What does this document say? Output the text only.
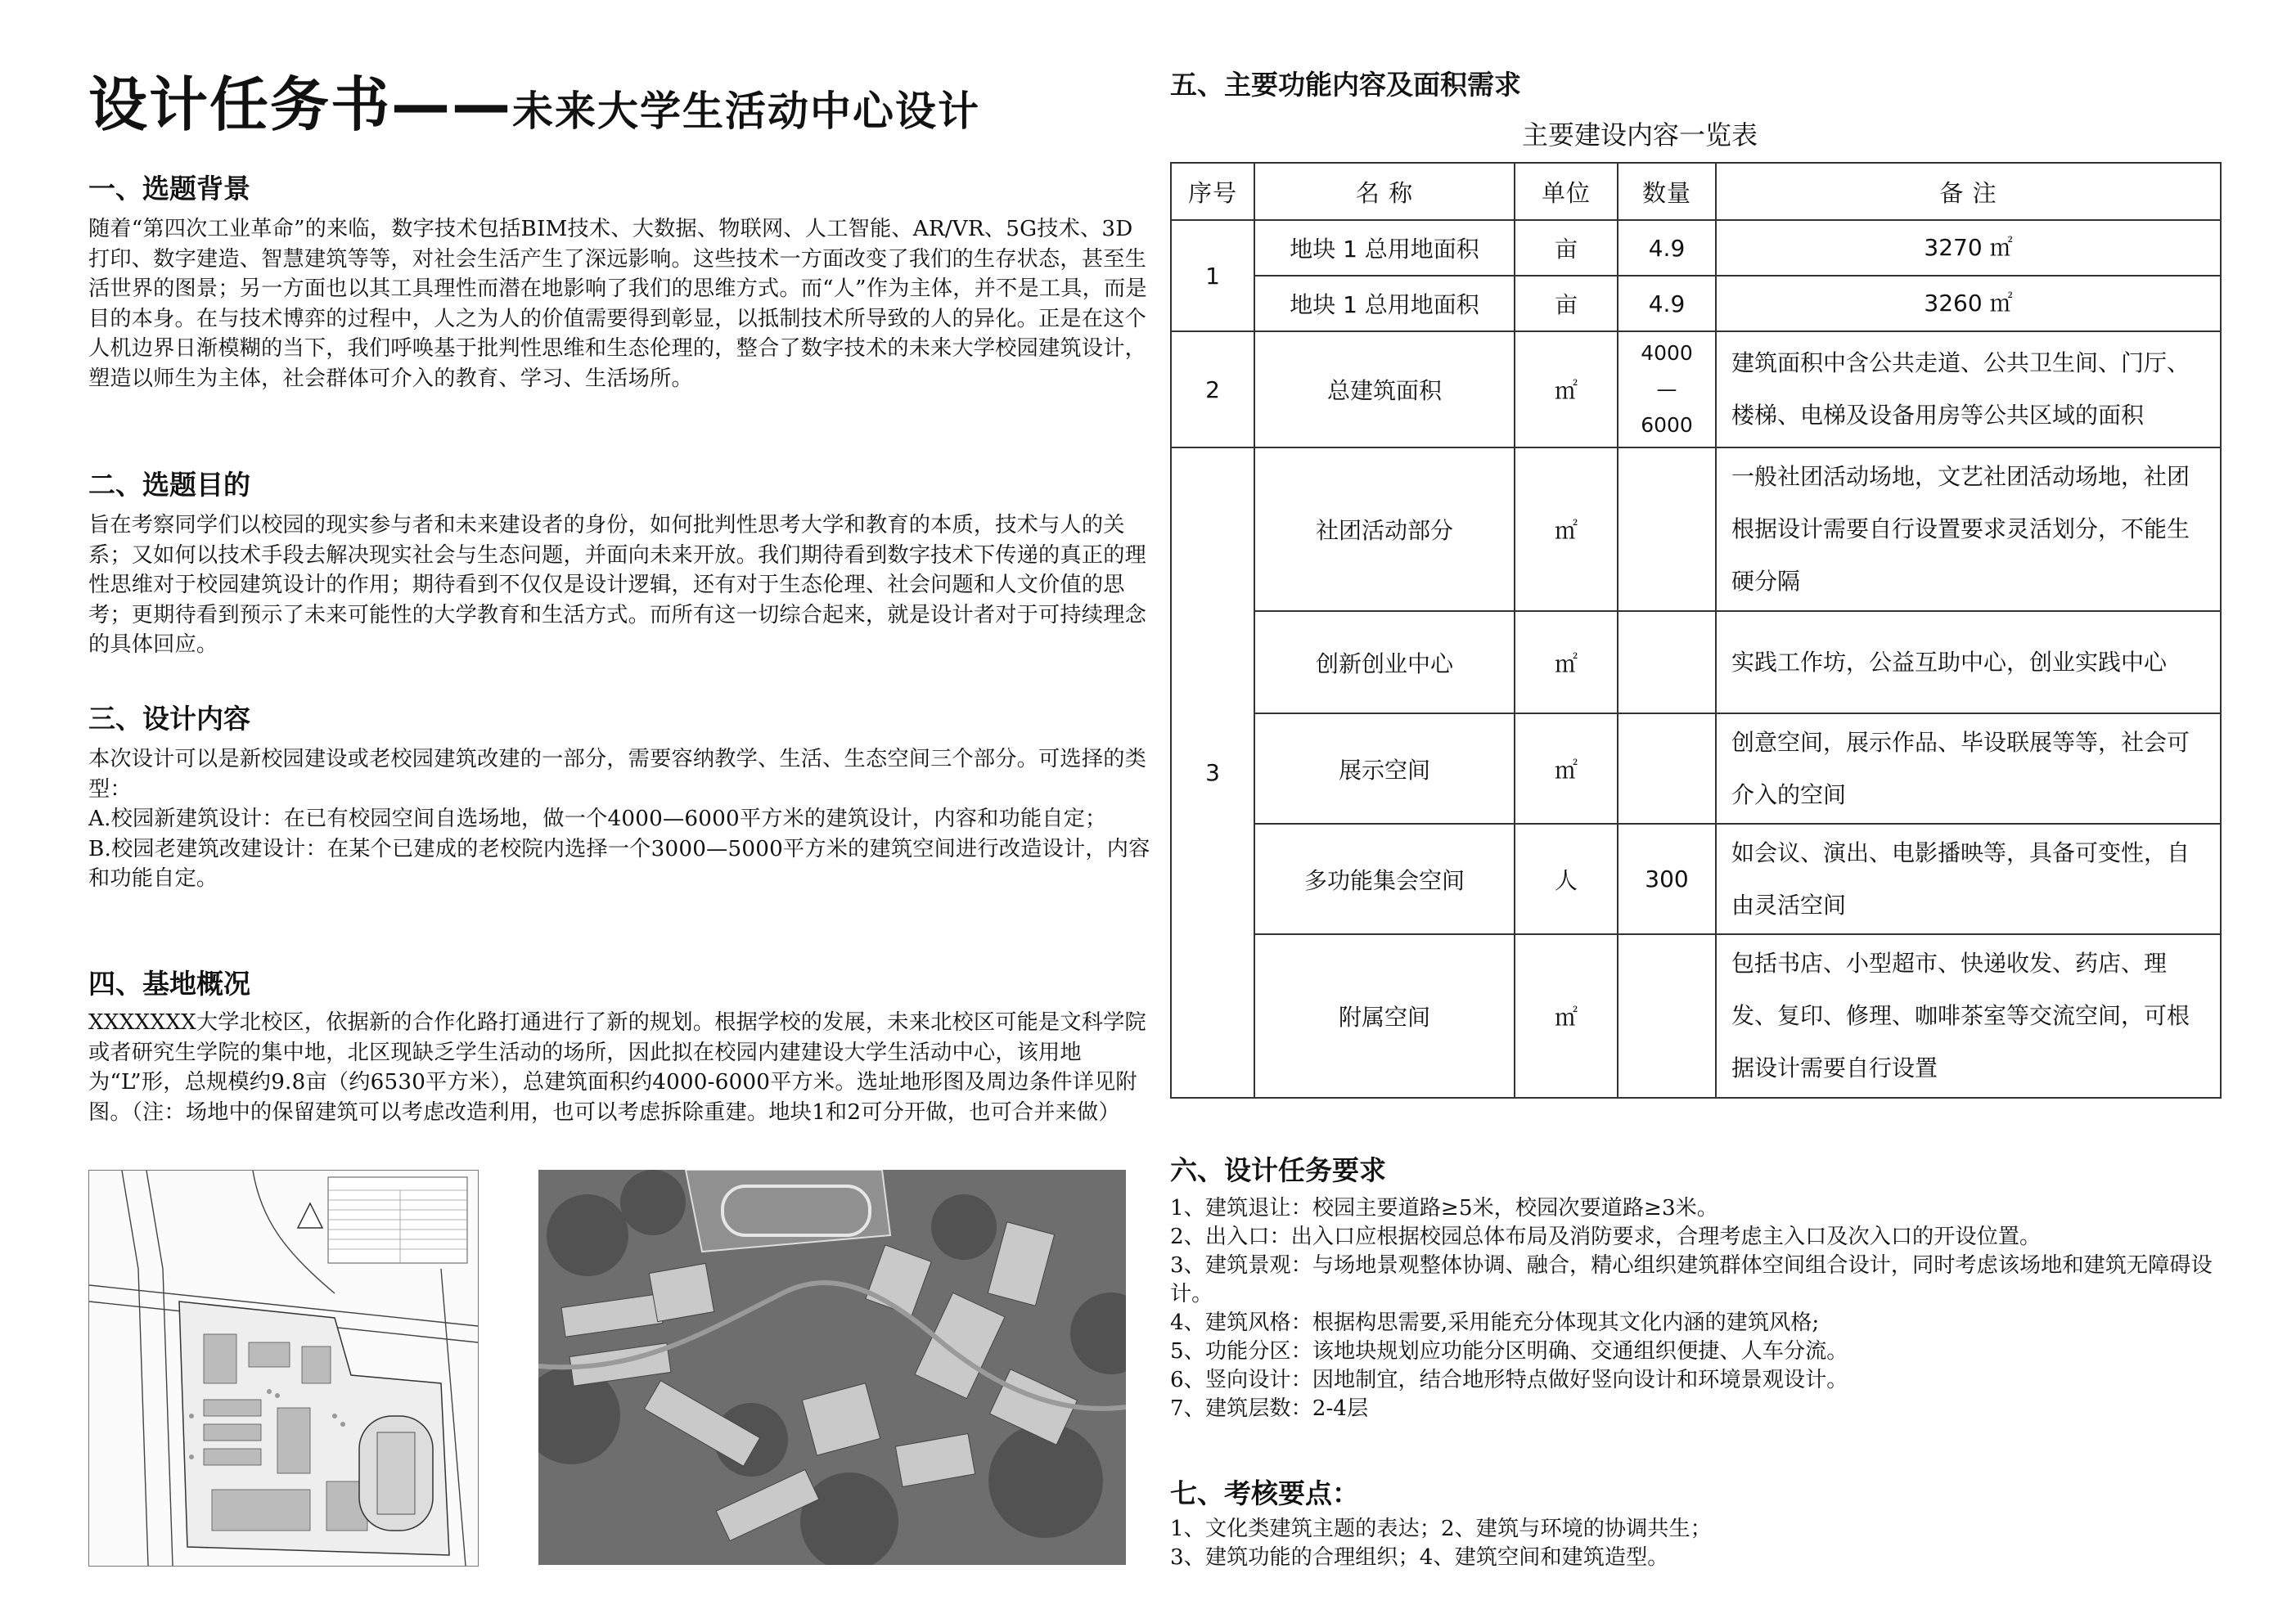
设计任务书——未来大学生活动中心设计
一、选题背景

随着“第四次工业革命”的来临，数字技术包括BIM技术、大数据、物联网、人工智能、AR/VR、5G技术、3D打印、数字建造、智慧建筑等等，对社会生活产生了深远影响。这些技术一方面改变了我们的生存状态，甚至生活世界的图景；另一方面也以其工具理性而潜在地影响了我们的思维方式。而“人”作为主体，并不是工具，而是目的本身。在与技术博弈的过程中，人之为人的价值需要得到彰显，以抵制技术所导致的人的异化。正是在这个人机边界日渐模糊的当下，我们呼唤基于批判性思维和生态伦理的，整合了数字技术的未来大学校园建筑设计，塑造以师生为主体，社会群体可介入的教育、学习、生活场所。

二、选题目的

旨在考察同学们以校园的现实参与者和未来建设者的身份，如何批判性思考大学和教育的本质，技术与人的关系；又如何以技术手段去解决现实社会与生态问题，并面向未来开放。我们期待看到数字技术下传递的真正的理性思维对于校园建筑设计的作用；期待看到不仅仅是设计逻辑，还有对于生态伦理、社会问题和人文价值的思考；更期待看到预示了未来可能性的大学教育和生活方式。而所有这一切综合起来，就是设计者对于可持续理念的具体回应。

三、设计内容

本次设计可以是新校园建设或老校园建筑改建的一部分，需要容纳教学、生活、生态空间三个部分。可选择的类型：

A.校园新建筑设计：在已有校园空间自选场地，做一个4000—6000平方米的建筑设计，内容和功能自定；

B.校园老建筑改建设计：在某个已建成的老校院内选择一个3000—5000平方米的建筑空间进行改造设计，内容和功能自定。

四、基地概况

XXXXXXX大学北校区，依据新的合作化路打通进行了新的规划。根据学校的发展，未来北校区可能是文科学院或者研究生学院的集中地，北区现缺乏学生活动的场所，因此拟在校园内建建设大学生活动中心，该用地为“L”形，总规模约9.8亩（约6530平方米），总建筑面积约4000-6000平方米。选址地形图及周边条件详见附图。（注：场地中的保留建筑可以考虑改造利用，也可以考虑拆除重建。地块1和2可分开做，也可合并来做）

五、主要功能内容及面积需求
主要建设内容一览表
序号	名 称	单位	数量	备 注
1	地块 1 总用地面积	亩	4.9	3270 ㎡
	地块 1 总用地面积	亩	4.9	3260 ㎡
2	总建筑面积	㎡	4000
—
6000	建筑面积中含公共走道、公共卫生间、门厅、楼梯、电梯及设备用房等公共区域的面积
3	社团活动部分	㎡		一般社团活动场地，文艺社团活动场地，社团根据设计需要自行设置要求灵活划分，不能生硬分隔
	创新创业中心	㎡		实践工作坊，公益互助中心，创业实践中心
	展示空间	㎡		创意空间，展示作品、毕设联展等等，社会可介入的空间
	多功能集会空间	人	300	如会议、演出、电影播映等，具备可变性，自由灵活空间
	附属空间	㎡		包括书店、小型超市、快递收发、药店、理发、复印、修理、咖啡茶室等交流空间，可根据设计需要自行设置
六、设计任务要求
1、建筑退让：校园主要道路≥5米，校园次要道路≥3米。
2、出入口：出入口应根据校园总体布局及消防要求，合理考虑主入口及次入口的开设位置。
3、建筑景观：与场地景观整体协调、融合，精心组织建筑群体空间组合设计，同时考虑该场地和建筑无障碍设计。
4、建筑风格：根据构思需要,采用能充分体现其文化内涵的建筑风格;
5、功能分区：该地块规划应功能分区明确、交通组织便捷、人车分流。
6、竖向设计：因地制宜，结合地形特点做好竖向设计和环境景观设计。
7、建筑层数：2-4层
七、考核要点：
1、文化类建筑主题的表达；2、建筑与环境的协调共生；
3、建筑功能的合理组织；4、建筑空间和建筑造型。
